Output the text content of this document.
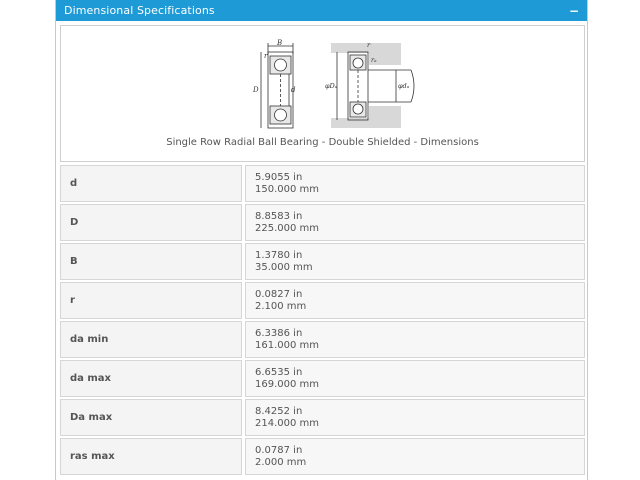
Dimensional Specifications	−
B
r
D	d
r
rₐ
φDₐ	φdₐ
Single Row Radial Ball Bearing - Double Shielded - Dimensions
d
5.9055 in
150.000 mm
D
8.8583 in
225.000 mm
B
1.3780 in
35.000 mm
r
0.0827 in
2.100 mm
da min
6.3386 in
161.000 mm
da max
6.6535 in
169.000 mm
Da max
8.4252 in
214.000 mm
ras max
0.0787 in
2.000 mm
